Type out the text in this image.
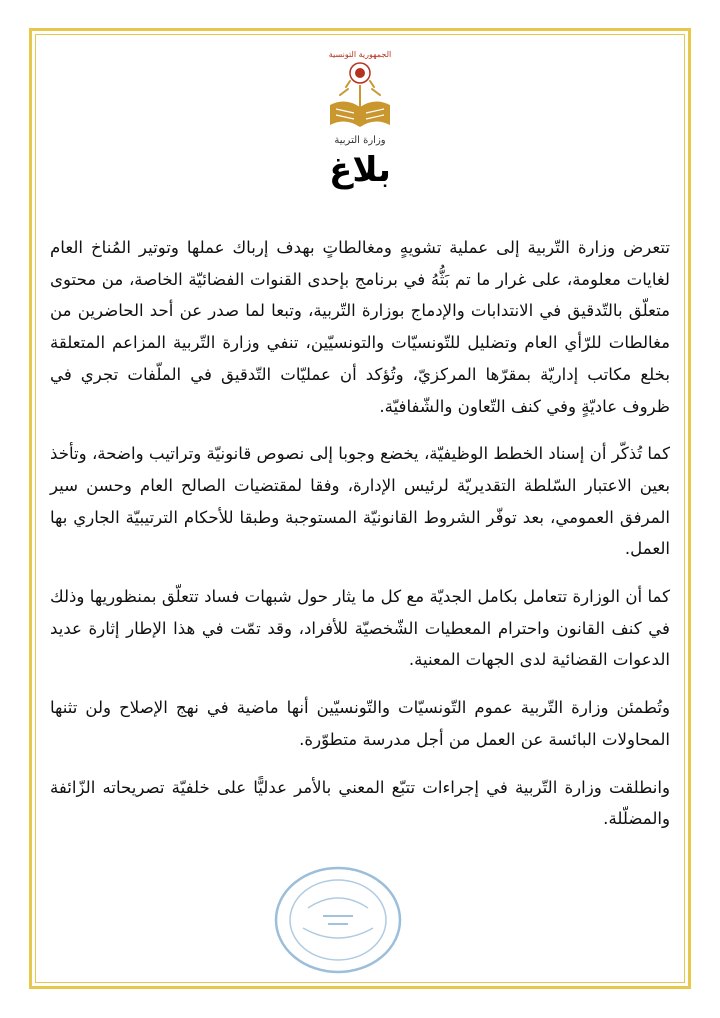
الجمهورية التونسية
وزارة التربية
بلاغ

تتعرض وزارة التّربية إلى عملية تشويهٍ ومغالطاتٍ بهدف إرباك عملها وتوتير المُناخ العام لغايات معلومة، على غرار ما تم بَثُّهُ في برنامج بإحدى القنوات الفضائيّة الخاصة، من محتوى متعلّق بالتّدقيق في الانتدابات والإدماج بوزارة التّربية، وتبعا لما صدر عن أحد الحاضرين من مغالطات للرّأي العام وتضليل للتّونسيّات والتونسيّين، تنفي وزارة التّربية المزاعم المتعلقة بخلع مكاتب إداريّة بمقرّها المركزيّ، وتُؤكد أن عمليّات التّدقيق في الملّفات تجري في ظروف عاديّةٍ وفي كنف التّعاون والشّفافيّة.

كما تُذكّر أن إسناد الخطط الوظيفيّة، يخضع وجوبا إلى نصوص قانونيّة وتراتيب واضحة، وتأخذ بعين الاعتبار السّلطة التقديريّة لرئيس الإدارة، وفقا لمقتضيات الصالح العام وحسن سير المرفق العمومي، بعد توفّر الشروط القانونيّة المستوجبة وطبقا للأحكام الترتيبيّة الجاري بها العمل.

كما أن الوزارة تتعامل بكامل الجديّة مع كل ما يثار حول شبهات فساد تتعلّق بمنظوريها وذلك في كنف القانون واحترام المعطيات الشّخصيّة للأفراد، وقد تمّت في هذا الإطار إثارة عديد الدعوات القضائية لدى الجهات المعنية.

وتُطمئن وزارة التّربية عموم التّونسيّات والتّونسيّين أنها ماضية في نهج الإصلاح ولن تثنها المحاولات البائسة عن العمل من أجل مدرسة متطوّرة.

وانطلقت وزارة التّربية في إجراءات تتبّع المعني بالأمر عدليًّا على خلفيّة تصريحاته الزّائفة والمضلّلة.
